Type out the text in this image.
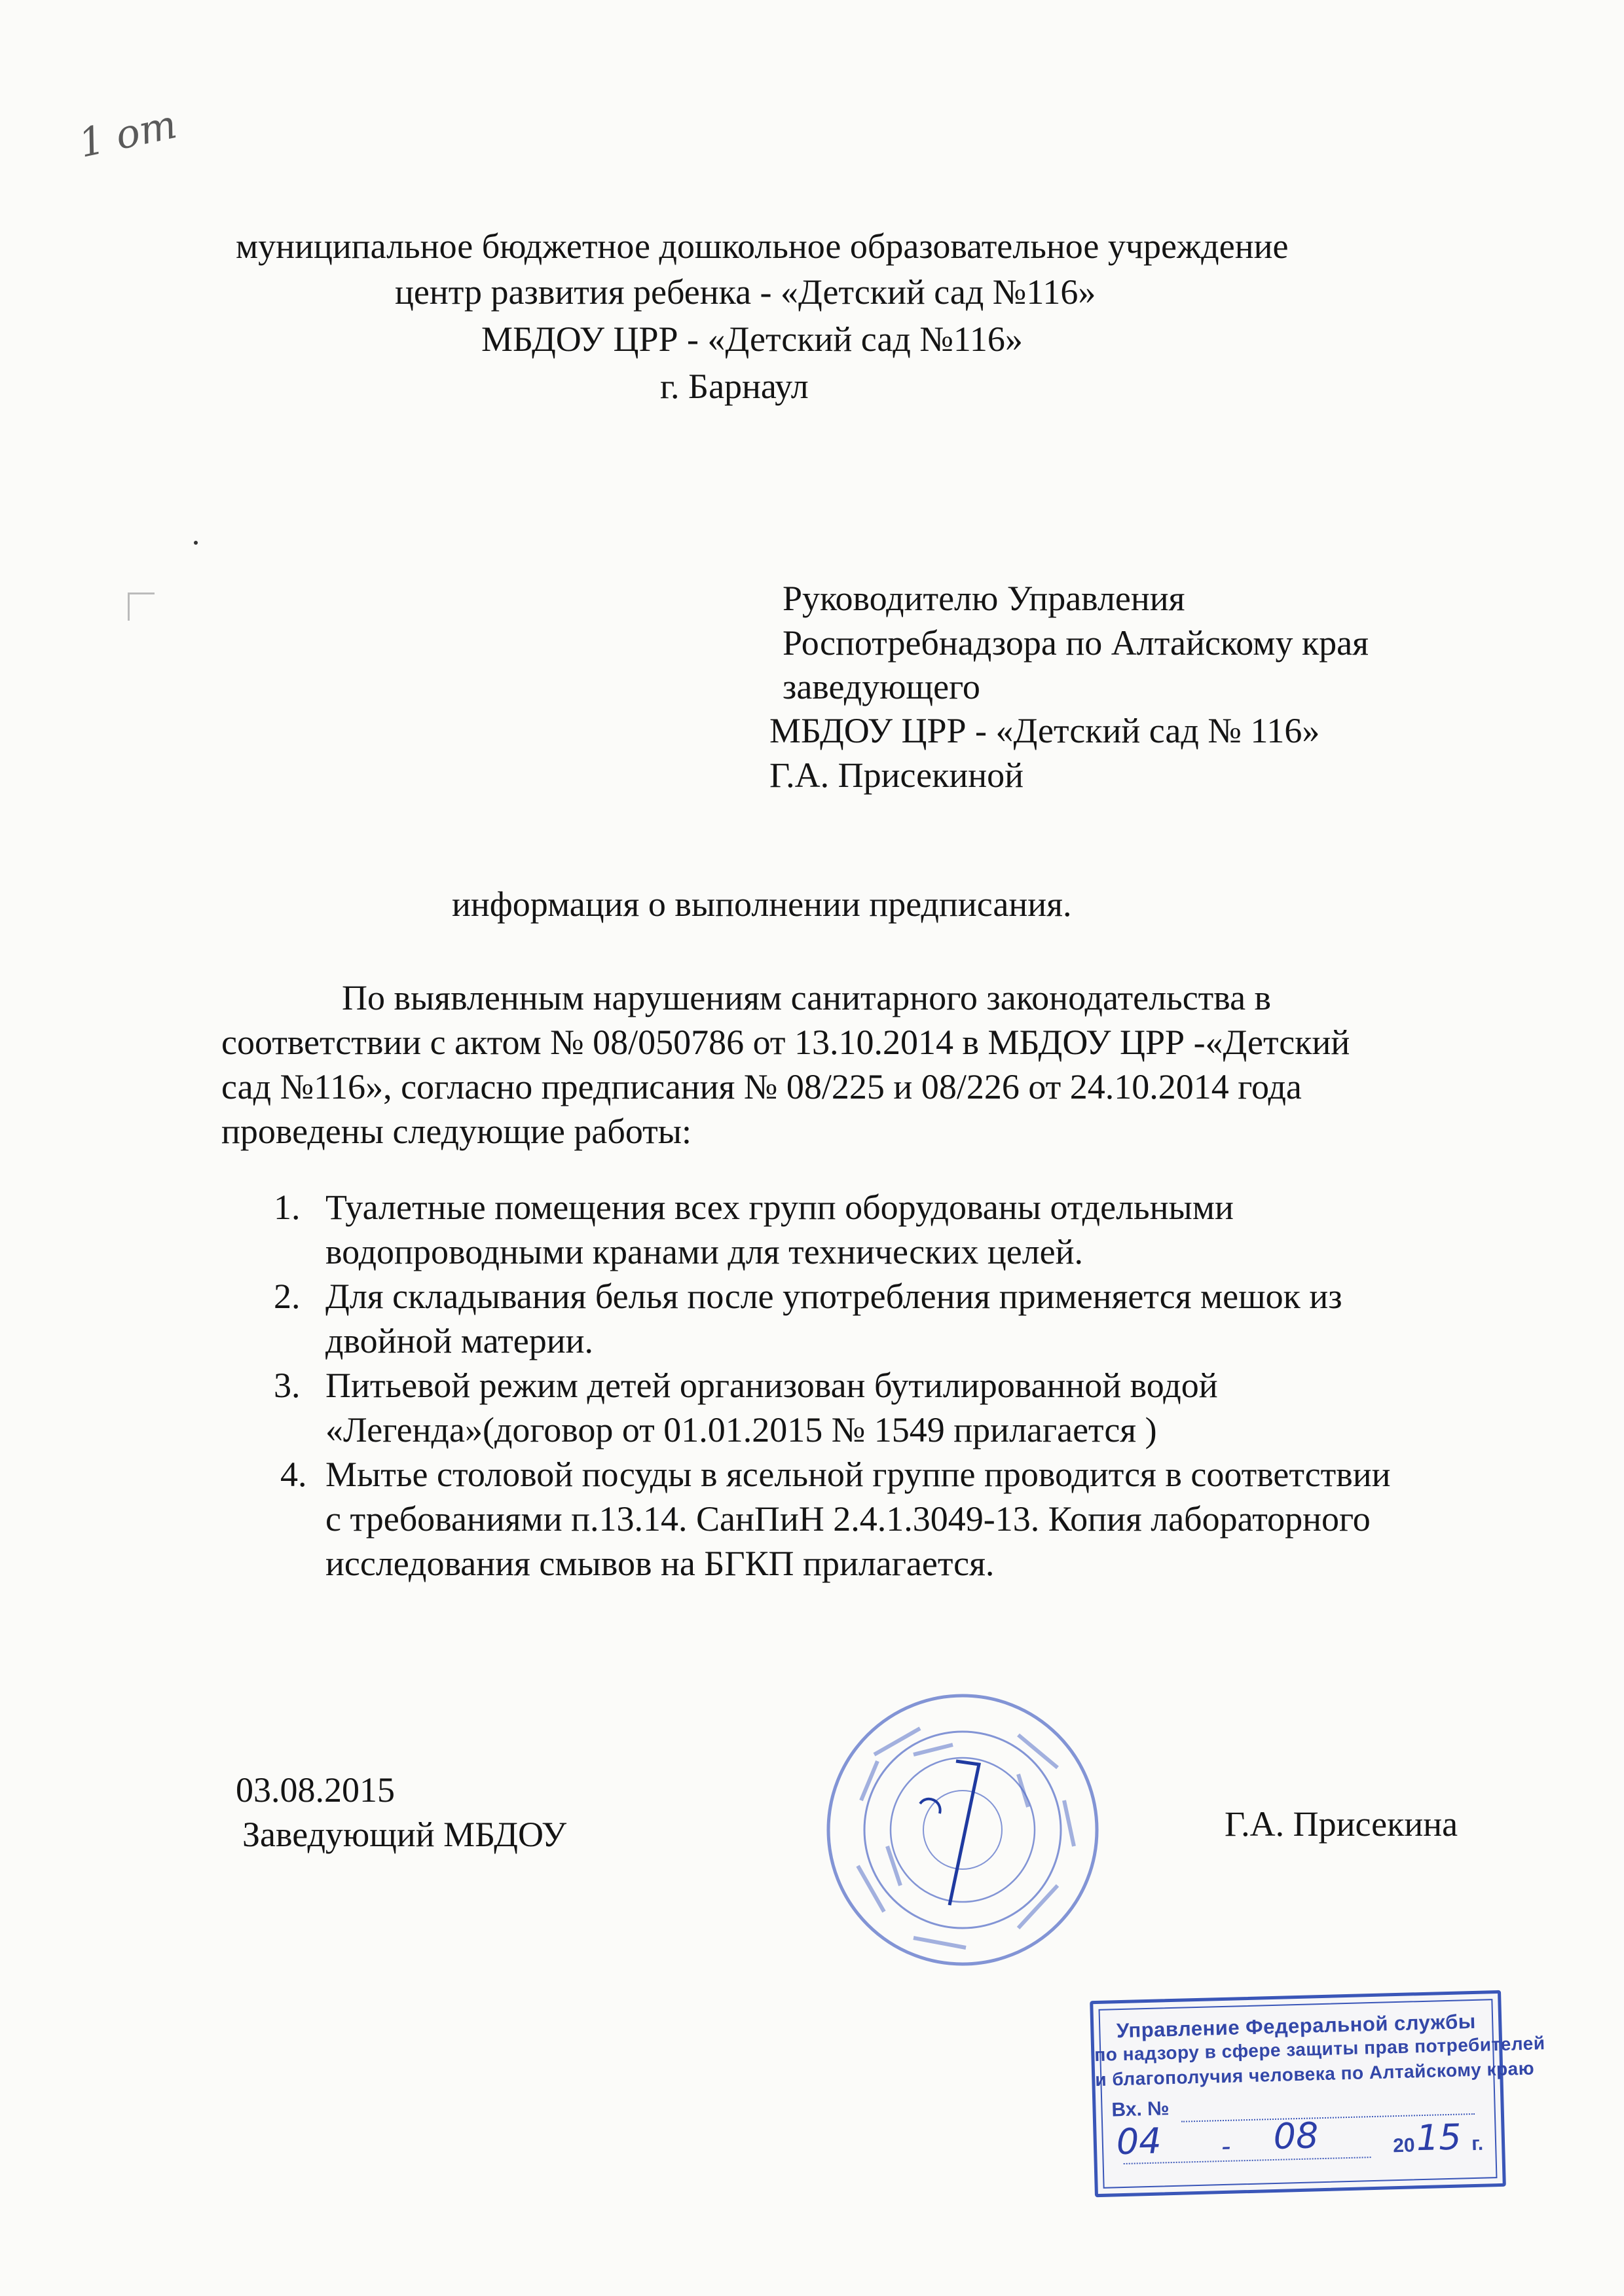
1 от
муниципальное бюджетное дошкольное образовательное учреждение
центр развития ребенка - «Детский сад №116»
МБДОУ ЦРР - «Детский сад №116»
г. Барнаул
Руководителю Управления
Роспотребнадзора по Алтайскому края
заведующего
МБДОУ ЦРР - «Детский сад № 116»
Г.А. Присекиной
информация о выполнении предписания.
По выявленным нарушениям санитарного законодательства в
соответствии с актом № 08/050786 от 13.10.2014 в МБДОУ ЦРР -«Детский
сад №116», согласно предписания № 08/225 и 08/226 от 24.10.2014 года
проведены следующие работы:
1. Туалетные помещения всех групп оборудованы отдельными
водопроводными кранами для технических целей.
2. Для складывания белья после употребления применяется мешок из
двойной материи.
3. Питьевой режим детей организован бутилированной водой
«Легенда»(договор от 01.01.2015 № 1549 прилагается )
4. Мытье столовой посуды в ясельной группе проводится в соответствии
с требованиями п.13.14. СанПиН 2.4.1.3049-13. Копия лабораторного
исследования смывов на БГКП прилагается.
03.08.2015
Заведующий МБДОУ	Г.А. Присекина
Управление Федеральной службы
по надзору в сфере защиты прав потребителей
и благополучия человека по Алтайскому краю
Вх. №
20	г.
04 - 08	15
